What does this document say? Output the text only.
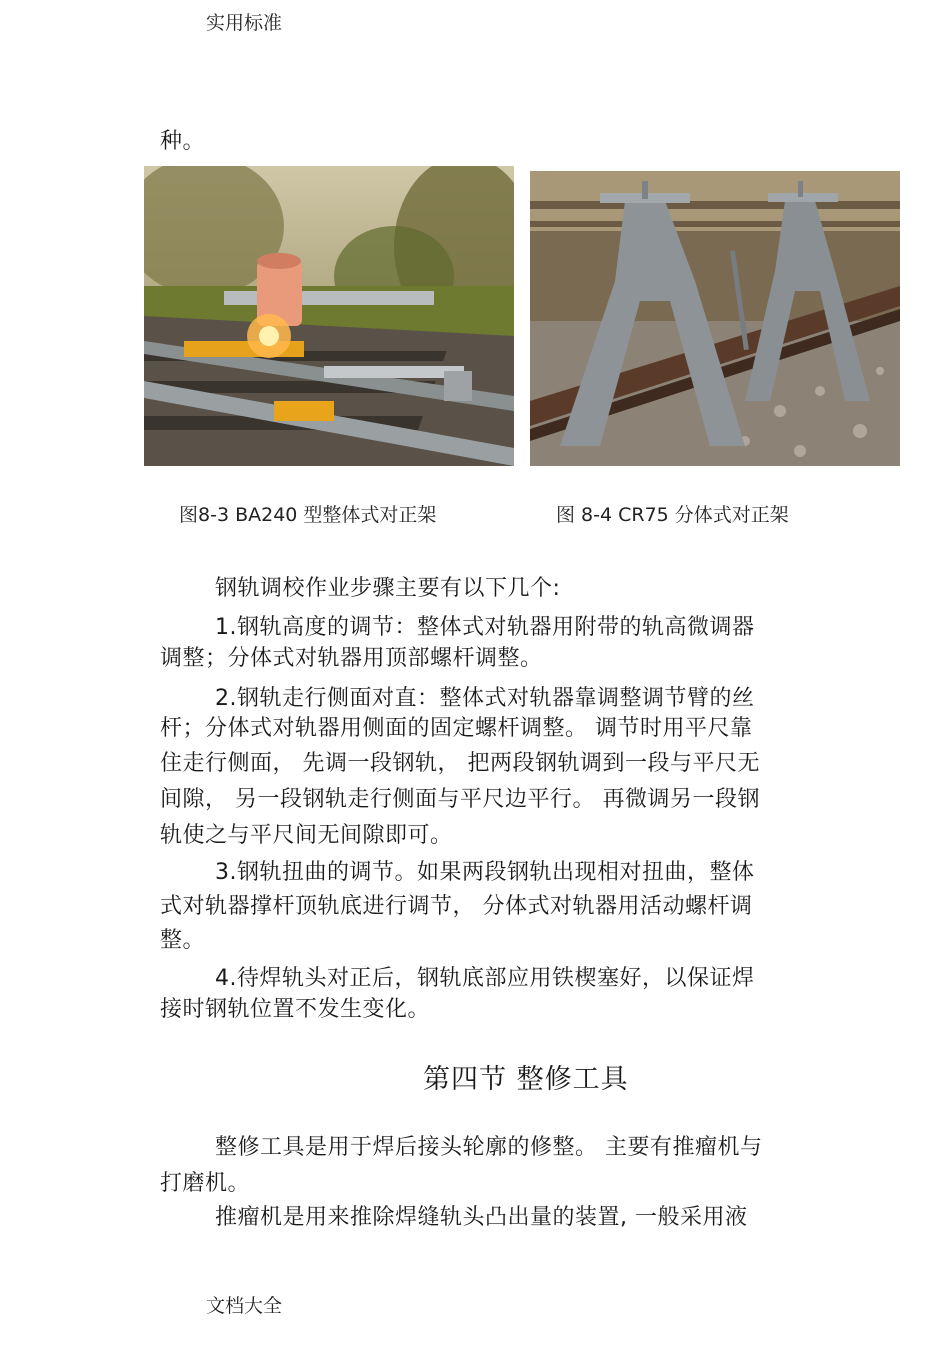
实用标准
种。
图8-3 BA240 型整体式对正架	图 8-4 CR75 分体式对正架
钢轨调校作业步骤主要有以下几个:
1.钢轨高度的调节：整体式对轨器用附带的轨高微调器
调整；分体式对轨器用顶部螺杆调整。
2.钢轨走行侧面对直：整体式对轨器靠调整调节臂的丝
杆；分体式对轨器用侧面的固定螺杆调整。 调节时用平尺靠
住走行侧面， 先调一段钢轨， 把两段钢轨调到一段与平尺无
间隙， 另一段钢轨走行侧面与平尺边平行。 再微调另一段钢
轨使之与平尺间无间隙即可。
3.钢轨扭曲的调节。如果两段钢轨出现相对扭曲，整体
式对轨器撑杆顶轨底进行调节， 分体式对轨器用活动螺杆调
整。
4.待焊轨头对正后，钢轨底部应用铁楔塞好，以保证焊
接时钢轨位置不发生变化。
第四节 整修工具
整修工具是用于焊后接头轮廓的修整。 主要有推瘤机与
打磨机。
推瘤机是用来推除焊缝轨头凸出量的装置, 一般采用液
文档大全
